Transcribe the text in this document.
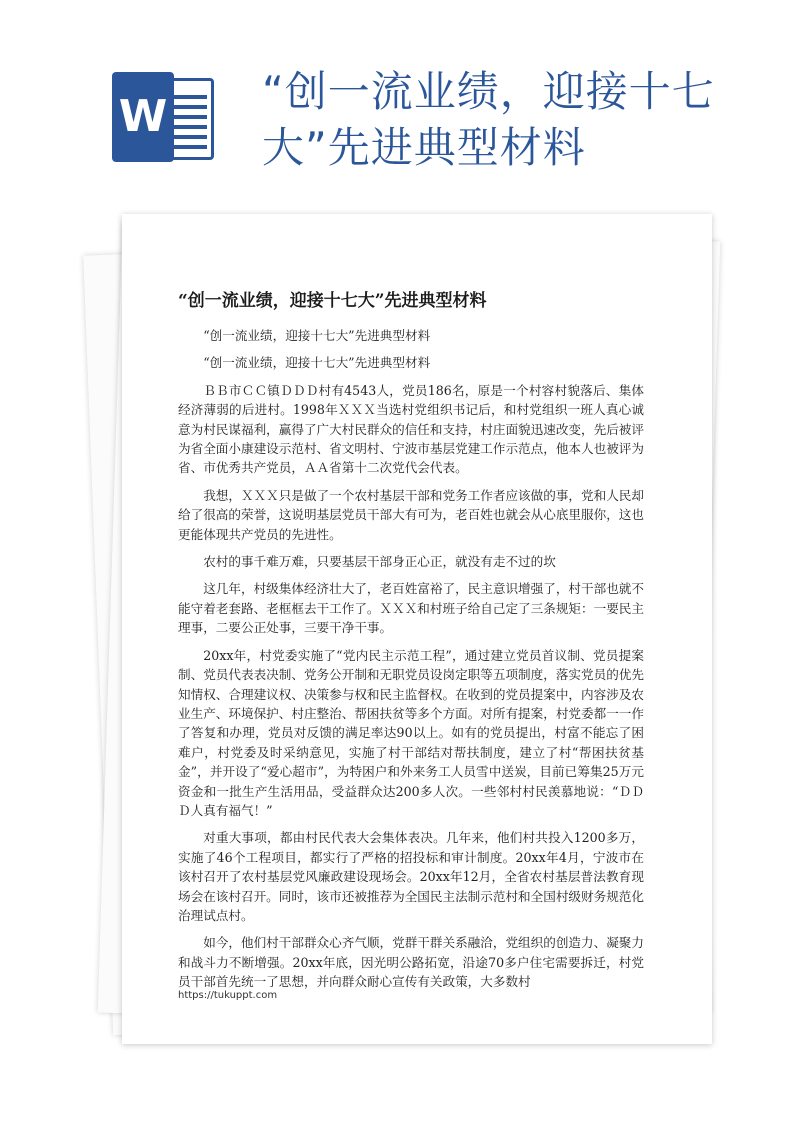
W “创一流业绩，迎接十七大”先进典型材料
“创一流业绩，迎接十七大”先进典型材料

“创一流业绩，迎接十七大”先进典型材料

“创一流业绩，迎接十七大”先进典型材料

ＢＢ市ＣＣ镇ＤＤＤ村有4543人，党员186名，原是一个村容村貌落后、集体经济薄弱的后进村。1998年ＸＸＸ当选村党组织书记后，和村党组织一班人真心诚意为村民谋福利，赢得了广大村民群众的信任和支持，村庄面貌迅速改变，先后被评为省全面小康建设示范村、省文明村、宁波市基层党建工作示范点，他本人也被评为省、市优秀共产党员，ＡＡ省第十二次党代会代表。

我想，ＸＸＸ只是做了一个农村基层干部和党务工作者应该做的事，党和人民却给了很高的荣誉，这说明基层党员干部大有可为，老百姓也就会从心底里服你，这也更能体现共产党员的先进性。

农村的事千难万难，只要基层干部身正心正，就没有走不过的坎

这几年，村级集体经济壮大了，老百姓富裕了，民主意识增强了，村干部也就不能守着老套路、老框框去干工作了。ＸＸＸ和村班子给自己定了三条规矩：一要民主理事，二要公正处事，三要干净干事。

20xx年，村党委实施了“党内民主示范工程”，通过建立党员首议制、党员提案制、党员代表表决制、党务公开制和无职党员设岗定职等五项制度，落实党员的优先知情权、合理建议权、决策参与权和民主监督权。在收到的党员提案中，内容涉及农业生产、环境保护、村庄整治、帮困扶贫等多个方面。对所有提案，村党委都一一作了答复和办理，党员对反馈的满足率达90以上。如有的党员提出，村富不能忘了困难户，村党委及时采纳意见，实施了村干部结对帮扶制度，建立了村“帮困扶贫基金”，并开设了“爱心超市”，为特困户和外来务工人员雪中送炭，目前已筹集25万元资金和一批生产生活用品，受益群众达200多人次。一些邻村村民羡慕地说：“ＤＤＤ人真有福气！”

对重大事项，都由村民代表大会集体表决。几年来，他们村共投入1200多万，实施了46个工程项目，都实行了严格的招投标和审计制度。20xx年4月，宁波市在该村召开了农村基层党风廉政建设现场会。20xx年12月，全省农村基层普法教育现场会在该村召开。同时，该市还被推荐为全国民主法制示范村和全国村级财务规范化治理试点村。

如今，他们村干部群众心齐气顺，党群干群关系融洽，党组织的创造力、凝聚力和战斗力不断增强。20xx年底，因光明公路拓宽，沿途70多户住宅需要拆迁，村党员干部首先统一了思想，并向群众耐心宣传有关政策，大多数村

https://tukuppt.com
